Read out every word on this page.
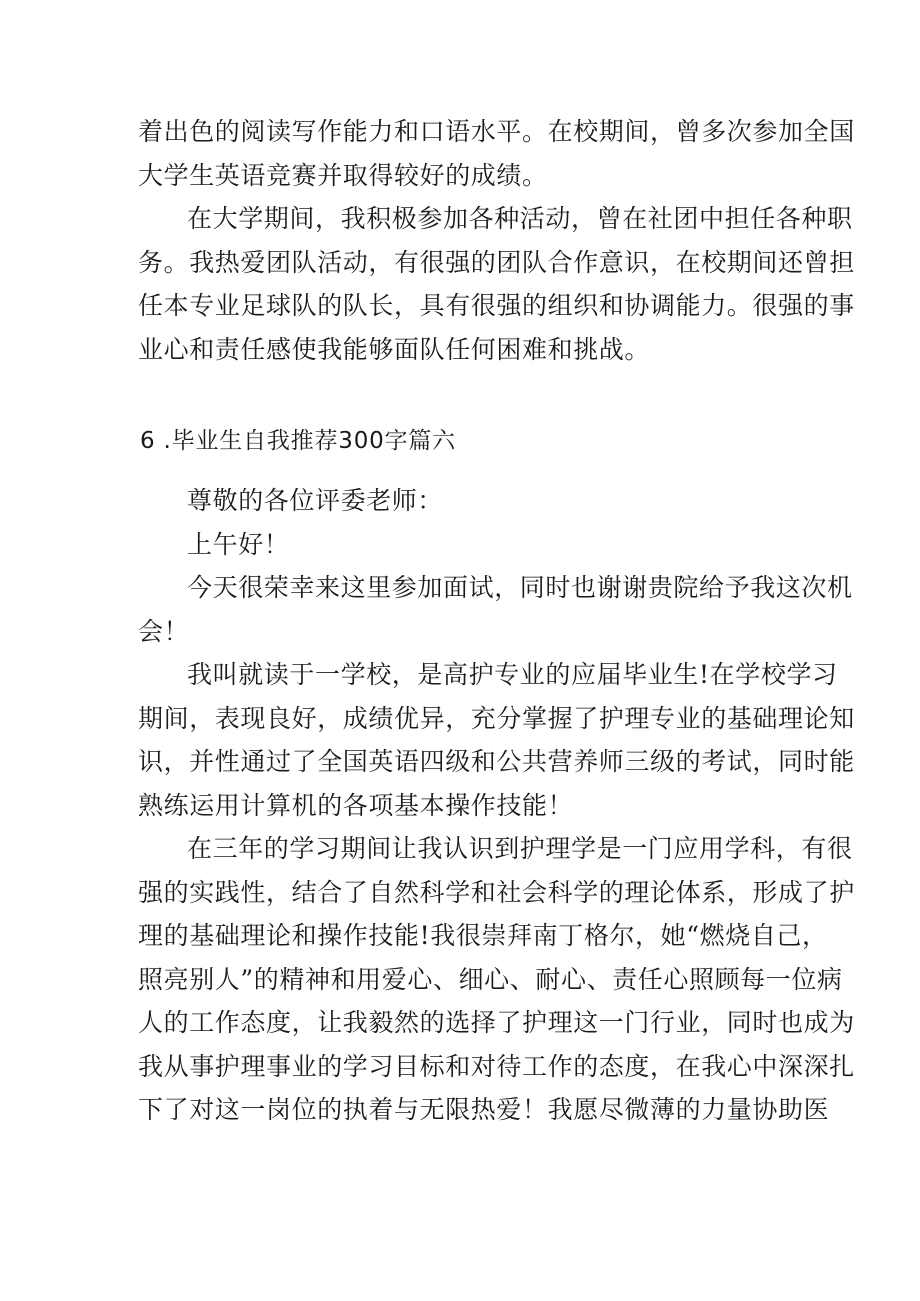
着出色的阅读写作能力和口语水平。在校期间，曾多次参加全国
大学生英语竞赛并取得较好的成绩。
在大学期间，我积极参加各种活动，曾在社团中担任各种职
务。我热爱团队活动，有很强的团队合作意识，在校期间还曾担
任本专业足球队的队长，具有很强的组织和协调能力。很强的事
业心和责任感使我能够面队任何困难和挑战。
6 .毕业生自我推荐300字篇六
尊敬的各位评委老师：
上午好！
今天很荣幸来这里参加面试，同时也谢谢贵院给予我这次机
会！
我叫就读于一学校，是高护专业的应届毕业生!在学校学习
期间，表现良好，成绩优异，充分掌握了护理专业的基础理论知
识，并性通过了全国英语四级和公共营养师三级的考试，同时能
熟练运用计算机的各项基本操作技能！
在三年的学习期间让我认识到护理学是一门应用学科，有很
强的实践性，结合了自然科学和社会科学的理论体系，形成了护
理的基础理论和操作技能!我很崇拜南丁格尔，她“燃烧自己，
照亮别人”的精神和用爱心、细心、耐心、责任心照顾每一位病
人的工作态度，让我毅然的选择了护理这一门行业，同时也成为
我从事护理事业的学习目标和对待工作的态度，在我心中深深扎
下了对这一岗位的执着与无限热爱！我愿尽微薄的力量协助医
